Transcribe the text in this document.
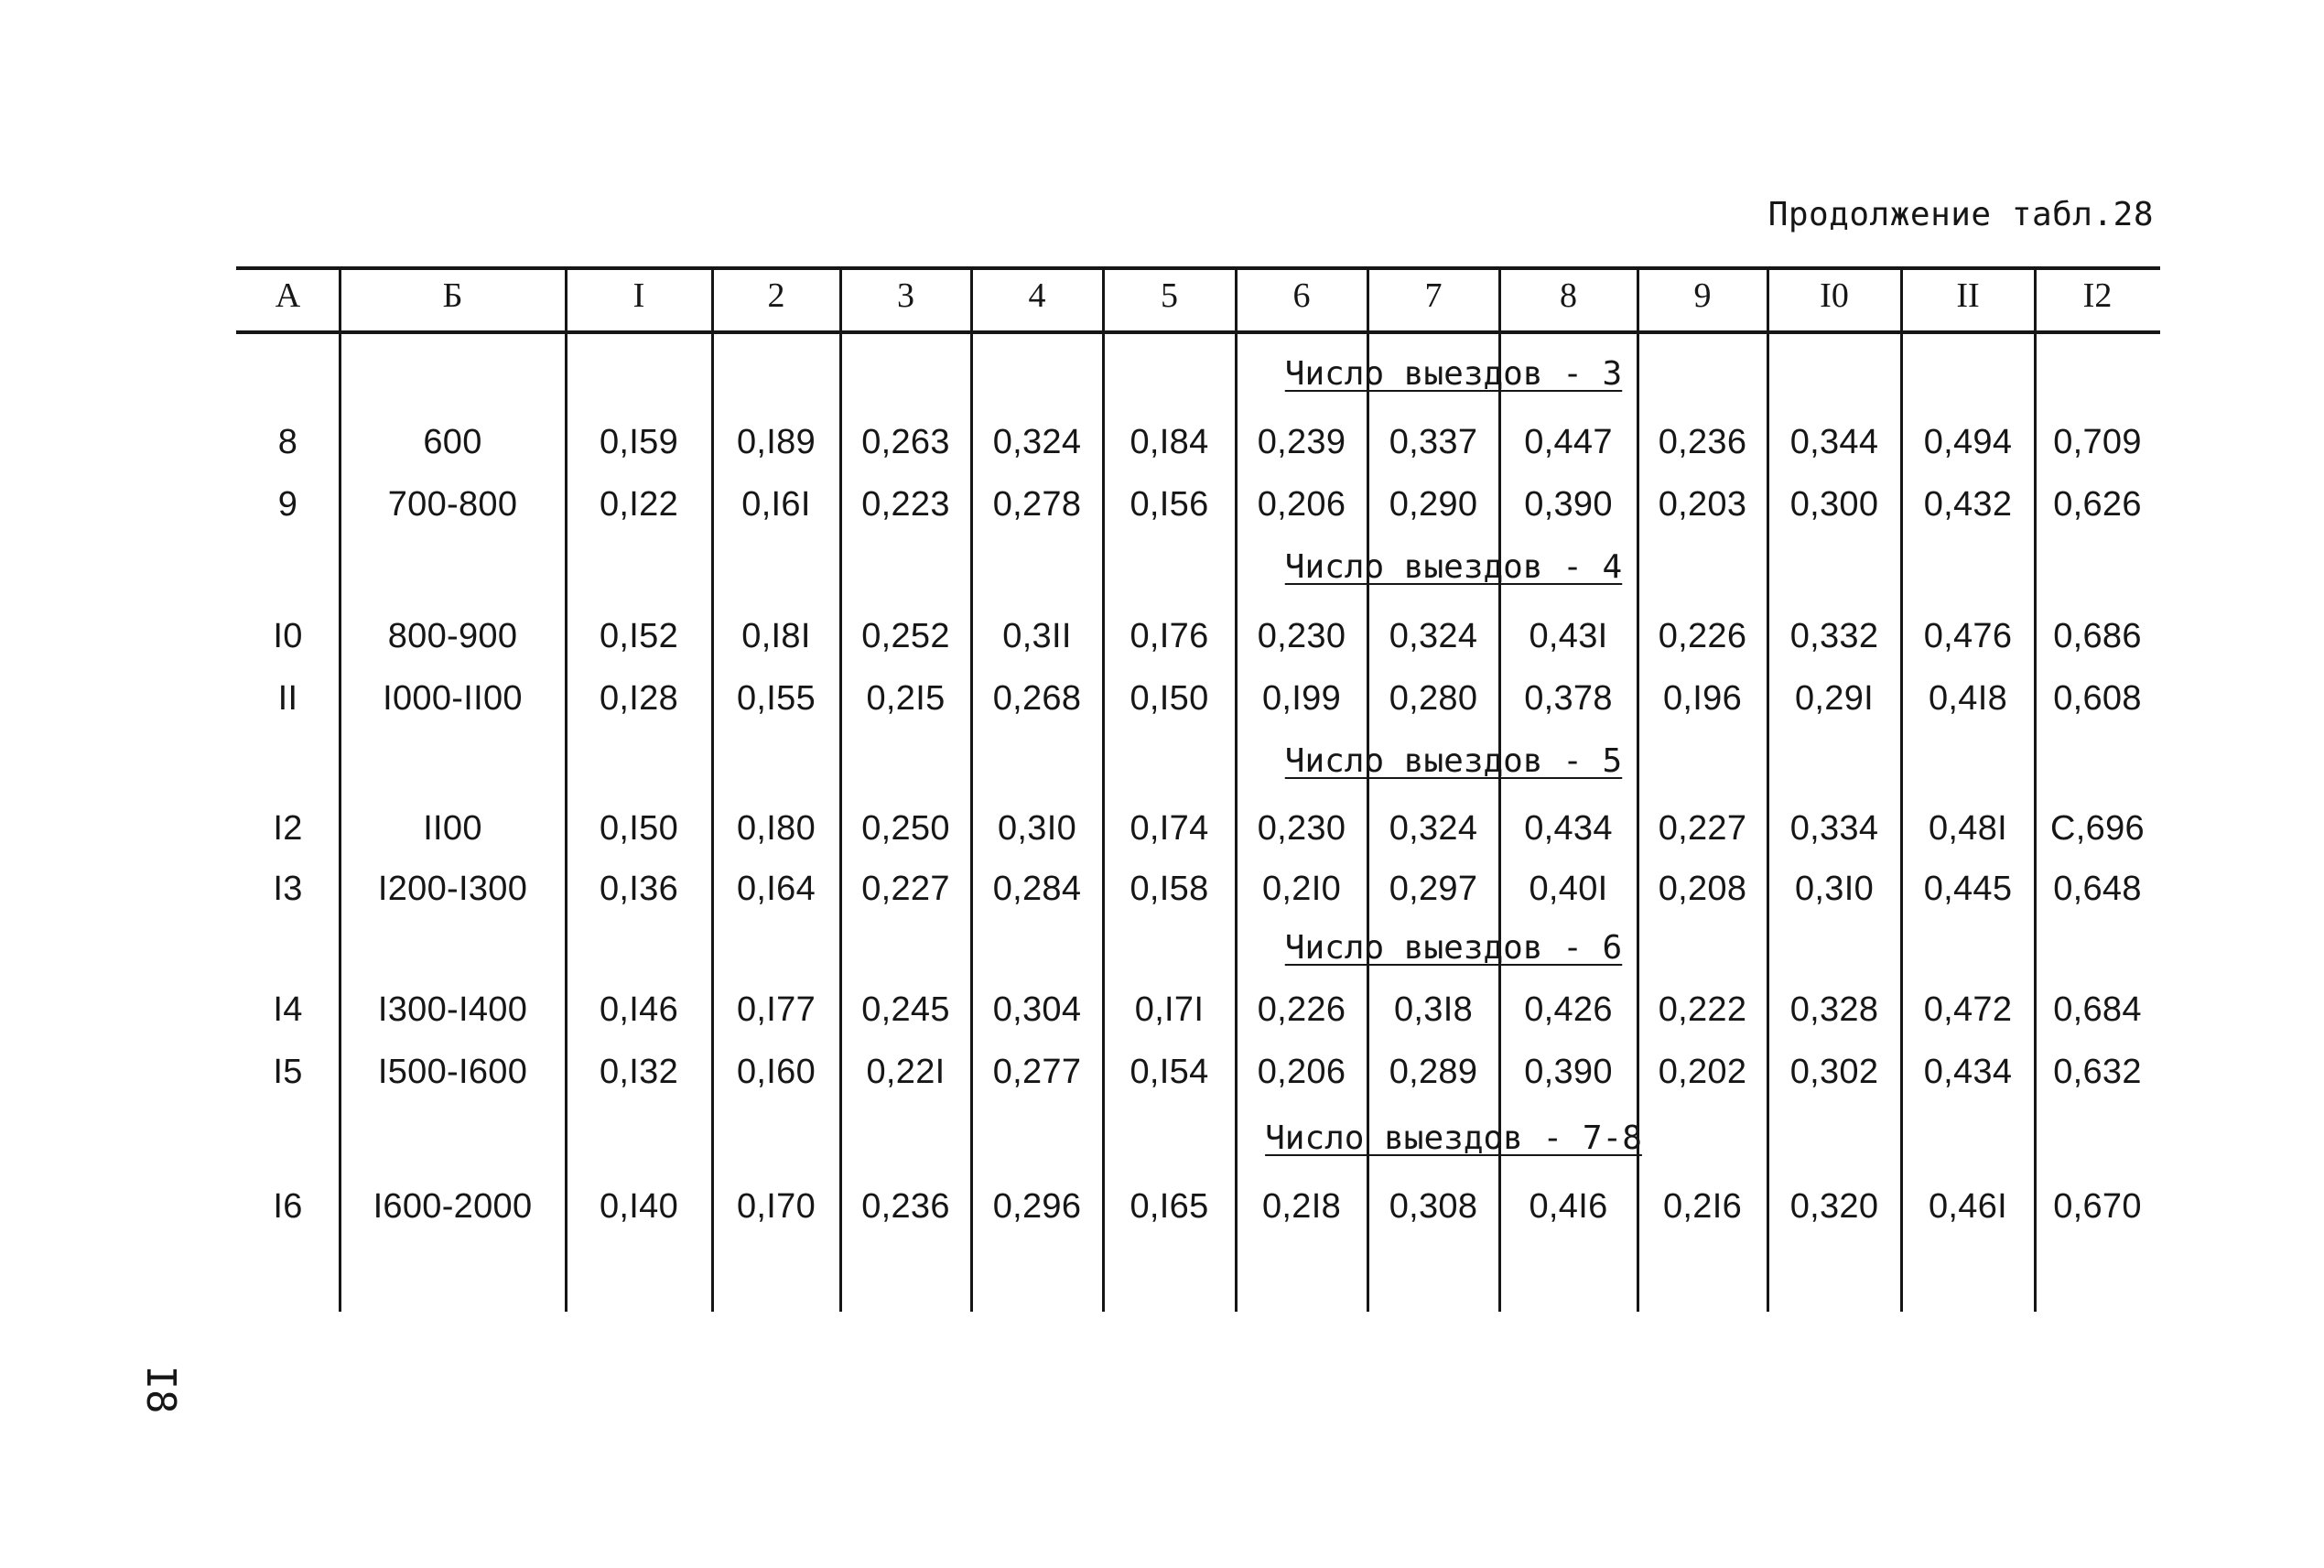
Продолжение табл.28
А	Б	I	2	3	4	5	6	7	8	9	I0	II	I2
Число выездов - 3
8	600	0,I59	0,I89	0,263	0,324	0,I84	0,239	0,337	0,447	0,236	0,344	0,494	0,709
9	700-800	0,I22	0,I6I	0,223	0,278	0,I56	0,206	0,290	0,390	0,203	0,300	0,432	0,626
Число выездов - 4
I0	800-900	0,I52	0,I8I	0,252	0,3II	0,I76	0,230	0,324	0,43I	0,226	0,332	0,476	0,686
II	I000-II00	0,I28	0,I55	0,2I5	0,268	0,I50	0,I99	0,280	0,378	0,I96	0,29I	0,4I8	0,608
Число выездов - 5
I2	II00	0,I50	0,I80	0,250	0,3I0	0,I74	0,230	0,324	0,434	0,227	0,334	0,48I	С,696
I3	I200-I300	0,I36	0,I64	0,227	0,284	0,I58	0,2I0	0,297	0,40I	0,208	0,3I0	0,445	0,648
Число выездов - 6
I4	I300-I400	0,I46	0,I77	0,245	0,304	0,I7I	0,226	0,3I8	0,426	0,222	0,328	0,472	0,684
I5	I500-I600	0,I32	0,I60	0,22I	0,277	0,I54	0,206	0,289	0,390	0,202	0,302	0,434	0,632
Число выездов - 7-8
I6	I600-2000	0,I40	0,I70	0,236	0,296	0,I65	0,2I8	0,308	0,4I6	0,2I6	0,320	0,46I	0,670
I8
